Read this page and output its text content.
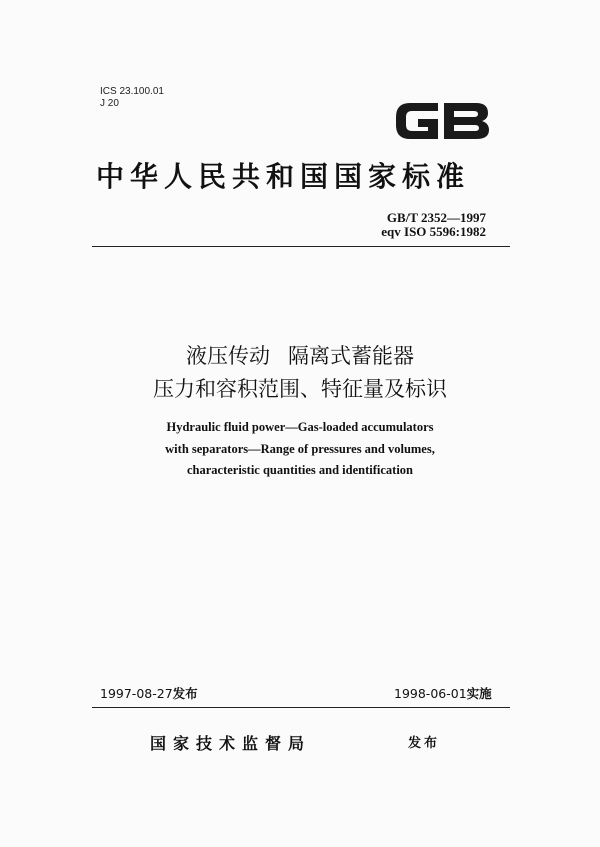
ICS 23.100.01
J 20
中华人民共和国国家标准
GB/T 2352—1997
eqv ISO 5596:1982
液压传动 隔离式蓄能器
压力和容积范围、特征量及标识
Hydraulic fluid power—Gas-loaded accumulators
with separators—Range of pressures and volumes,
characteristic quantities and identification
1997-08-27发布	1998-06-01实施
国家技术监督局	发布
